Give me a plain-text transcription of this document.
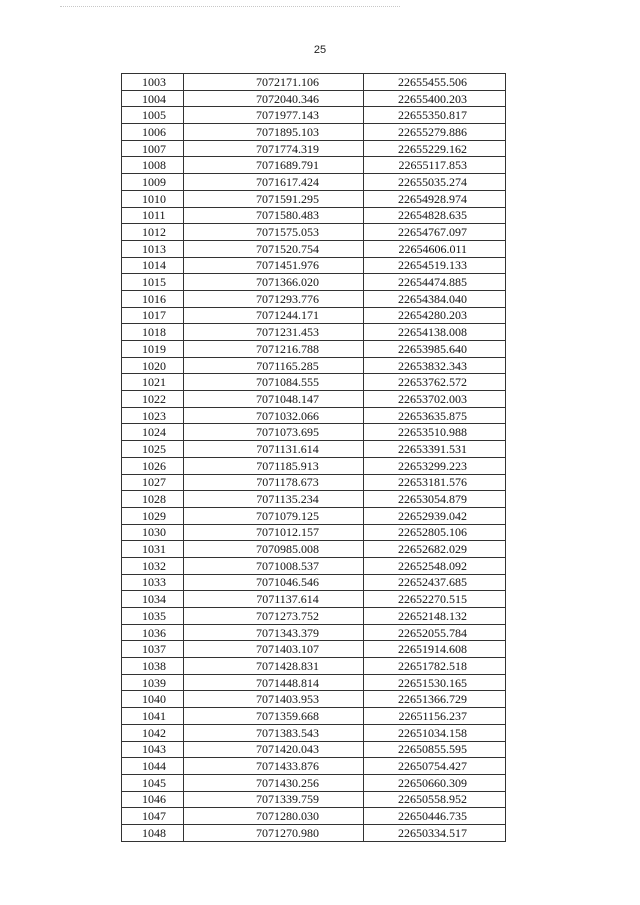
25
1003	7072171.106	22655455.506
1004	7072040.346	22655400.203
1005	7071977.143	22655350.817
1006	7071895.103	22655279.886
1007	7071774.319	22655229.162
1008	7071689.791	22655117.853
1009	7071617.424	22655035.274
1010	7071591.295	22654928.974
1011	7071580.483	22654828.635
1012	7071575.053	22654767.097
1013	7071520.754	22654606.011
1014	7071451.976	22654519.133
1015	7071366.020	22654474.885
1016	7071293.776	22654384.040
1017	7071244.171	22654280.203
1018	7071231.453	22654138.008
1019	7071216.788	22653985.640
1020	7071165.285	22653832.343
1021	7071084.555	22653762.572
1022	7071048.147	22653702.003
1023	7071032.066	22653635.875
1024	7071073.695	22653510.988
1025	7071131.614	22653391.531
1026	7071185.913	22653299.223
1027	7071178.673	22653181.576
1028	7071135.234	22653054.879
1029	7071079.125	22652939.042
1030	7071012.157	22652805.106
1031	7070985.008	22652682.029
1032	7071008.537	22652548.092
1033	7071046.546	22652437.685
1034	7071137.614	22652270.515
1035	7071273.752	22652148.132
1036	7071343.379	22652055.784
1037	7071403.107	22651914.608
1038	7071428.831	22651782.518
1039	7071448.814	22651530.165
1040	7071403.953	22651366.729
1041	7071359.668	22651156.237
1042	7071383.543	22651034.158
1043	7071420.043	22650855.595
1044	7071433.876	22650754.427
1045	7071430.256	22650660.309
1046	7071339.759	22650558.952
1047	7071280.030	22650446.735
1048	7071270.980	22650334.517
